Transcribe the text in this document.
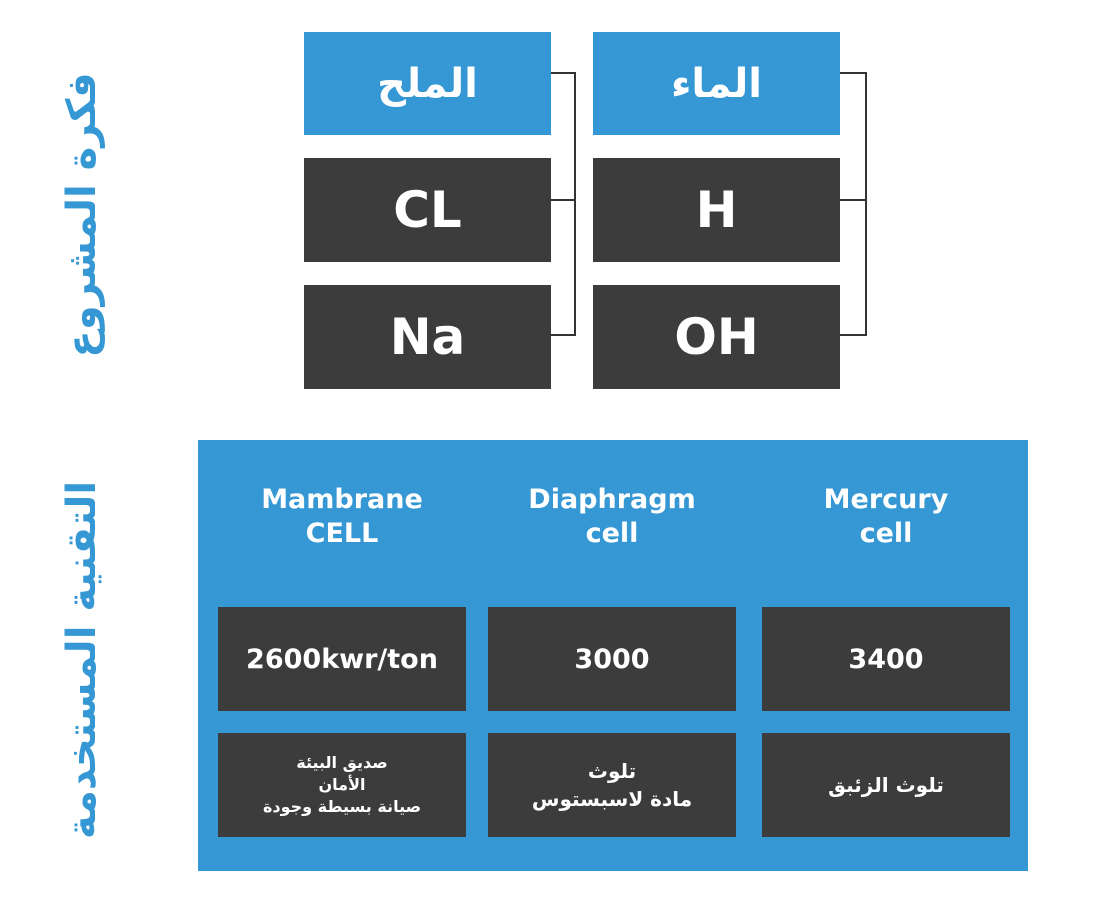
فكرة المشروع
التقنية المستخدمة
الملح
CL
Na
الماء
H
OH
Mambrane
CELL
2600kwr/ton
صديق البيئة
الأمان
صيانة بسيطة وجودة
Diaphragm
cell
3000
تلوث
مادة لاسبستوس
Mercury
cell
3400
تلوث الزئبق
